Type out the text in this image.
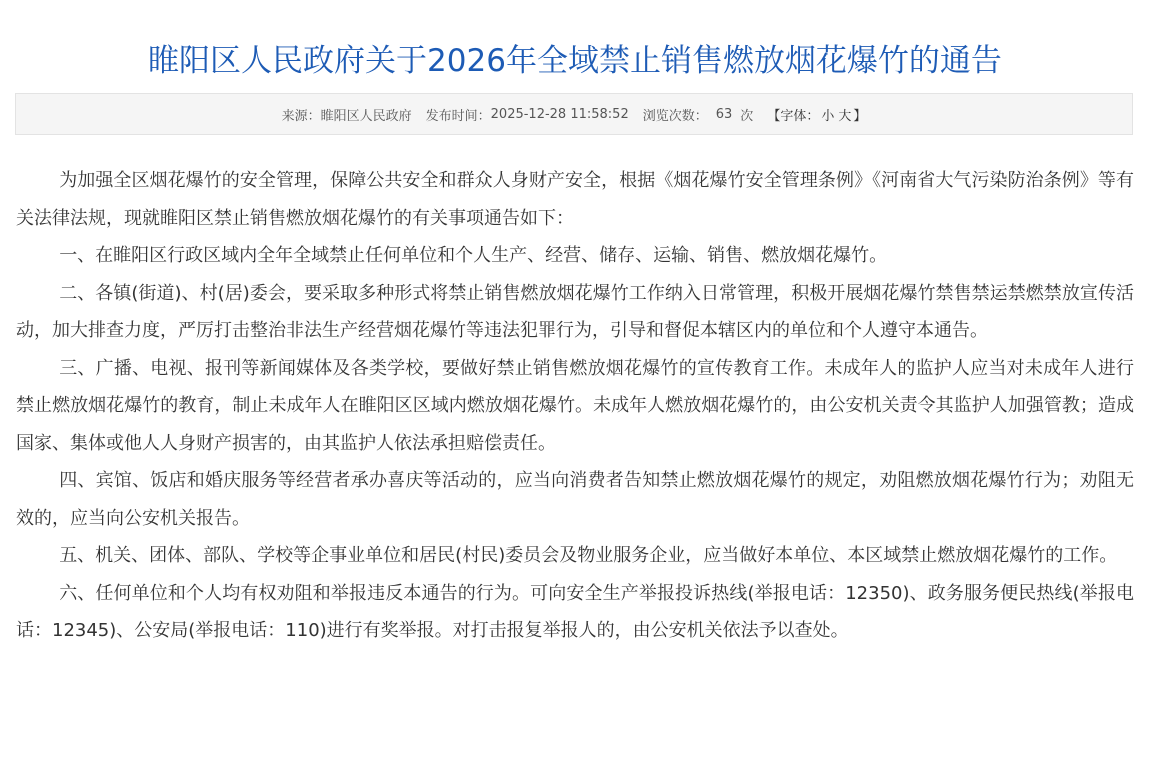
睢阳区人民政府关于2026年全域禁止销售燃放烟花爆竹的通告
来源： 睢阳区人民政府 发布时间： 2025-12-28 11:58:52 浏览次数： 63 次 【字体： 小 大 】

为加强全区烟花爆竹的安全管理，保障公共安全和群众人身财产安全，根据《烟花爆竹安全管理条例》《河南省大气污染防治条例》等有关法律法规，现就睢阳区禁止销售燃放烟花爆竹的有关事项通告如下：

一、在睢阳区行政区域内全年全域禁止任何单位和个人生产、经营、储存、运输、销售、燃放烟花爆竹。

二、各镇(街道)、村(居)委会，要采取多种形式将禁止销售燃放烟花爆竹工作纳入日常管理，积极开展烟花爆竹禁售禁运禁燃禁放宣传活动，加大排查力度，严厉打击整治非法生产经营烟花爆竹等违法犯罪行为，引导和督促本辖区内的单位和个人遵守本通告。

三、广播、电视、报刊等新闻媒体及各类学校，要做好禁止销售燃放烟花爆竹的宣传教育工作。未成年人的监护人应当对未成年人进行禁止燃放烟花爆竹的教育，制止未成年人在睢阳区区域内燃放烟花爆竹。未成年人燃放烟花爆竹的，由公安机关责令其监护人加强管教；造成国家、集体或他人人身财产损害的，由其监护人依法承担赔偿责任。

四、宾馆、饭店和婚庆服务等经营者承办喜庆等活动的，应当向消费者告知禁止燃放烟花爆竹的规定，劝阻燃放烟花爆竹行为；劝阻无效的，应当向公安机关报告。

五、机关、团体、部队、学校等企事业单位和居民(村民)委员会及物业服务企业，应当做好本单位、本区域禁止燃放烟花爆竹的工作。

六、任何单位和个人均有权劝阻和举报违反本通告的行为。可向安全生产举报投诉热线(举报电话：12350)、政务服务便民热线(举报电话：12345)、公安局(举报电话：110)进行有奖举报。对打击报复举报人的，由公安机关依法予以查处。
